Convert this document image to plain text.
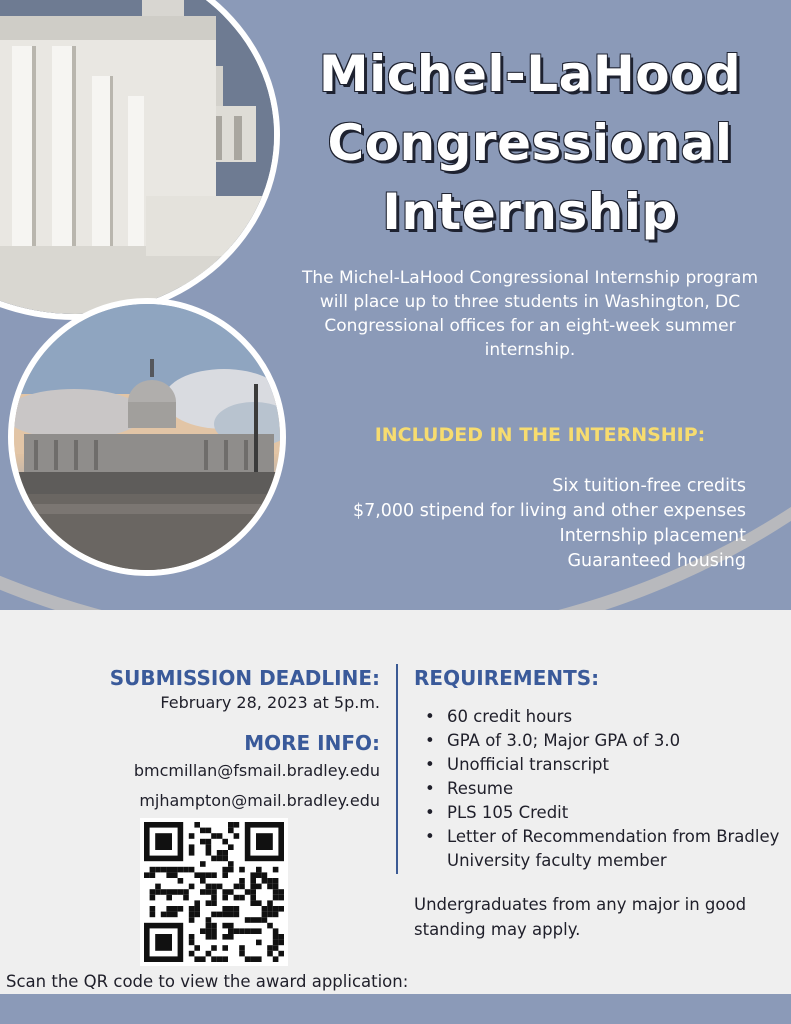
Michel-LaHood
Congressional
Internship
The Michel-LaHood Congressional Internship program will place up to three students in Washington, DC Congressional offices for an eight-week summer internship.
INCLUDED IN THE INTERNSHIP:
Six tuition-free credits
$7,000 stipend for living and other expenses
Internship placement
Guaranteed housing
SUBMISSION DEADLINE:
February 28, 2023 at 5p.m.
MORE INFO:
bmcmillan@fsmail.bradley.edu
mjhampton@mail.bradley.edu
REQUIREMENTS:
• 60 credit hours
• GPA of 3.0; Major GPA of 3.0
• Unofficial transcript
• Resume
• PLS 105 Credit
• Letter of Recommendation from Bradley University faculty member
Undergraduates from any major in good standing may apply.
Scan the QR code to view the award application:
